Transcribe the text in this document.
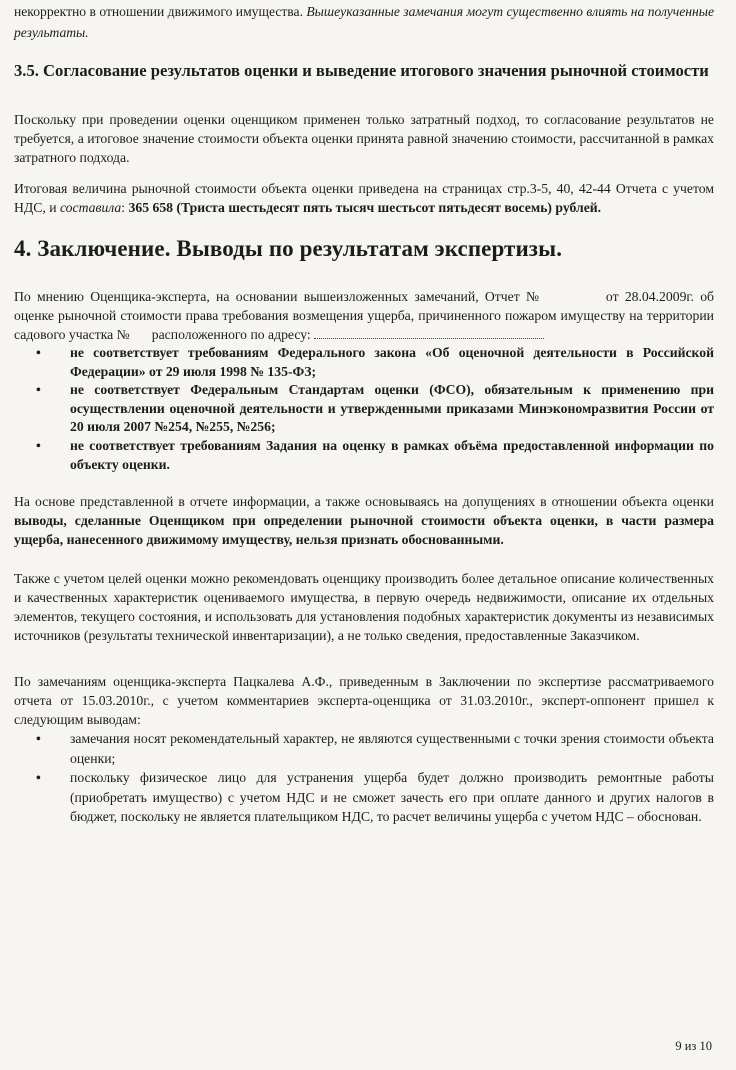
некорректно в отношении движимого имущества. Вышеуказанные замечания могут существенно влиять на полученные результаты.

3.5. Согласование результатов оценки и выведение итогового значения рыночной стоимости

Поскольку при проведении оценки оценщиком применен только затратный подход, то согласование результатов не требуется, а итоговое значение стоимости объекта оценки принята равной значению стоимости, рассчитанной в рамках затратного подхода.

Итоговая величина рыночной стоимости объекта оценки приведена на страницах стр.3-5, 40, 42-44 Отчета с учетом НДС, и составила: 365 658 (Триста шестьдесят пять тысяч шестьсот пятьдесят восемь) рублей.

4. Заключение. Выводы по результатам экспертизы.

По мнению Оценщика-эксперта, на основании вышеизложенных замечаний, Отчет №	от 28.04.2009г. об оценке рыночной стоимости права требования возмещения ущерба, причиненного пожаром имуществу на территории садового участка № расположенного по адресу:

• не соответствует требованиям Федерального закона «Об оценочной деятельности в Российской Федерации» от 29 июля 1998 № 135-ФЗ;
• не соответствует Федеральным Стандартам оценки (ФСО), обязательным к применению при осуществлении оценочной деятельности и утвержденными приказами Минэкономразвития России от 20 июля 2007 №254, №255, №256;
• не соответствует требованиям Задания на оценку в рамках объёма предоставленной информации по объекту оценки.

На основе представленной в отчете информации, а также основываясь на допущениях в отношении объекта оценки выводы, сделанные Оценщиком при определении рыночной стоимости объекта оценки, в части размера ущерба, нанесенного движимому имуществу, нельзя признать обоснованными.

Также с учетом целей оценки можно рекомендовать оценщику производить более детальное описание количественных и качественных характеристик оцениваемого имущества, в первую очередь недвижимости, описание их отдельных элементов, текущего состояния, и использовать для установления подобных характеристик документы из независимых источников (результаты технической инвентаризации), а не только сведения, предоставленные Заказчиком.

По замечаниям оценщика-эксперта Пацкалева А.Ф., приведенным в Заключении по экспертизе рассматриваемого отчета от 15.03.2010г., с учетом комментариев эксперта-оценщика от 31.03.2010г., эксперт-оппонент пришел к следующим выводам:

• замечания носят рекомендательный характер, не являются существенными с точки зрения стоимости объекта оценки;
• поскольку физическое лицо для устранения ущерба будет должно производить ремонтные работы (приобретать имущество) с учетом НДС и не сможет зачесть его при оплате данного и других налогов в бюджет, поскольку не является плательщиком НДС, то расчет величины ущерба с учетом НДС – обоснован.
9 из 10
